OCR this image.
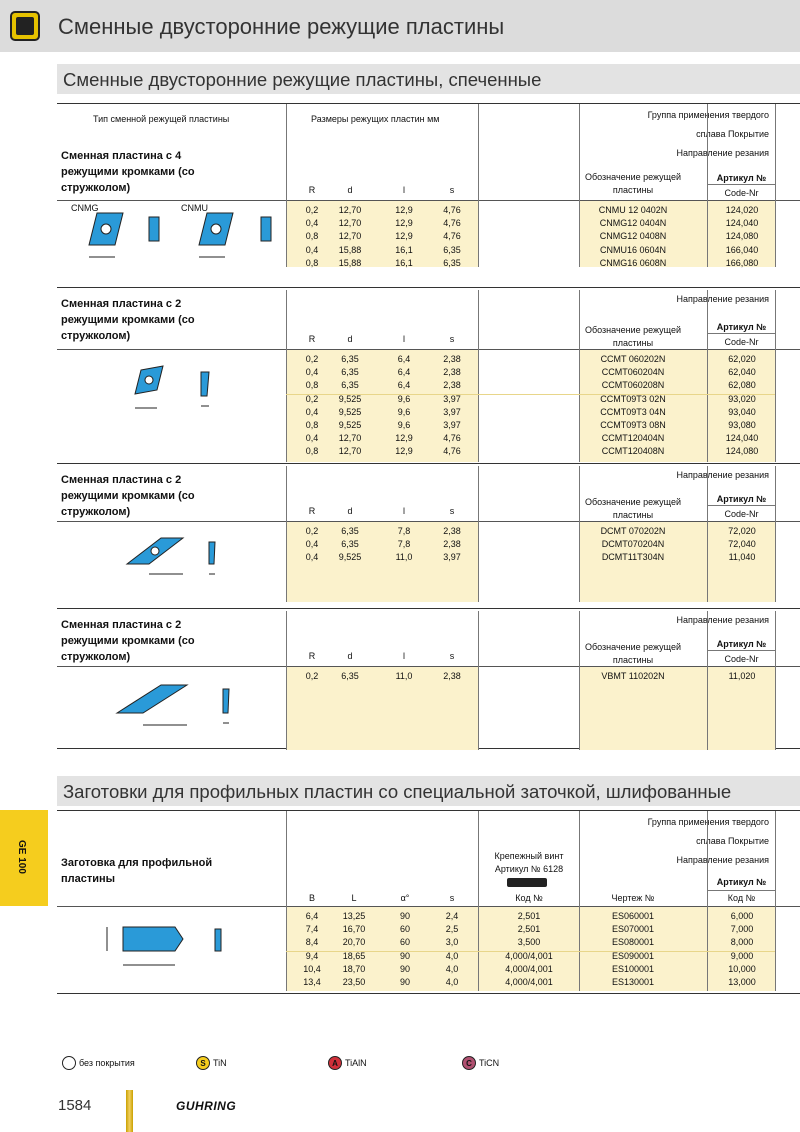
Сменные двусторонние режущие пластины
Сменные двусторонние режущие пластины, спеченные
Сменная пластина с 4 режущими кромками (со стружколом)
Тип сменной режущей пластины	Размеры режущих пластин мм	Группа применения твердого
сплава Покрытие
Направление резания
R	d	l	s
Обозначение режущей пластины
Артикул №
Code-Nr
0,2	12,70	12,9	4,76	CNMU 12 0402N	124,020
0,4	12,70	12,9	4,76	CNMG12 0404N	124,040
0,8	12,70	12,9	4,76	CNMG12 0408N	124,080
0,4	15,88	16,1	6,35	CNMU16 0604N	166,040
0,8	15,88	16,1	6,35	CNMG16 0608N	166,080
CNMG	CNMU
Сменная пластина с 2 режущими кромками (со стружколом)
Направление резания
R	d	l	s
Обозначение режущей пластины
Артикул №
Code-Nr
0,2	6,35	6,4	2,38	CCMT 060202N	62,020
0,4	6,35	6,4	2,38	CCMT060204N	62,040
0,8	6,35	6,4	2,38	CCMT060208N	62,080
0,2	9,525	9,6	3,97	CCMT09T3 02N	93,020
0,4	9,525	9,6	3,97	CCMT09T3 04N	93,040
0,8	9,525	9,6	3,97	CCMT09T3 08N	93,080
0,4	12,70	12,9	4,76	CCMT120404N	124,040
0,8	12,70	12,9	4,76	CCMT120408N	124,080
Сменная пластина с 2 режущими кромками (со стружколом)
Направление резания
R	d	l	s
Обозначение режущей пластины
Артикул №
Code-Nr
0,2	6,35	7,8	2,38	DCMT 070202N	72,020
0,4	6,35	7,8	2,38	DCMT070204N	72,040
0,4	9,525	11,0	3,97	DCMT11T304N	11,040
Сменная пластина с 2 режущими кромками (со стружколом)
Направление резания
R	d	l	s
Обозначение режущей пластины
Артикул №
Code-Nr
0,2	6,35	11,0	2,38	VBMT 110202N	11,020
Заготовки для профильных пластин со специальной заточкой, шлифованные
GE 100	Заготовка для профильной пластины
Группа применения твердого
сплава Покрытие
Направление резания
Крепежный винт
Артикул № 6128
B	L	α°	s	Код №	Чертеж №
Артикул №
Код №
6,4	13,25	90	2,4	2,501	ES060001	6,000
7,4	16,70	60	2,5	2,501	ES070001	7,000
8,4	20,70	60	3,0	3,500	ES080001	8,000
9,4	18,65	90	4,0	4,000/4,001	ES090001	9,000
10,4	18,70	90	4,0	4,000/4,001	ES100001	10,000
13,4	23,50	90	4,0	4,000/4,001	ES130001	13,000
без покрытия	S TiN	A TiAlN	C TiCN
1584	GUHRING
